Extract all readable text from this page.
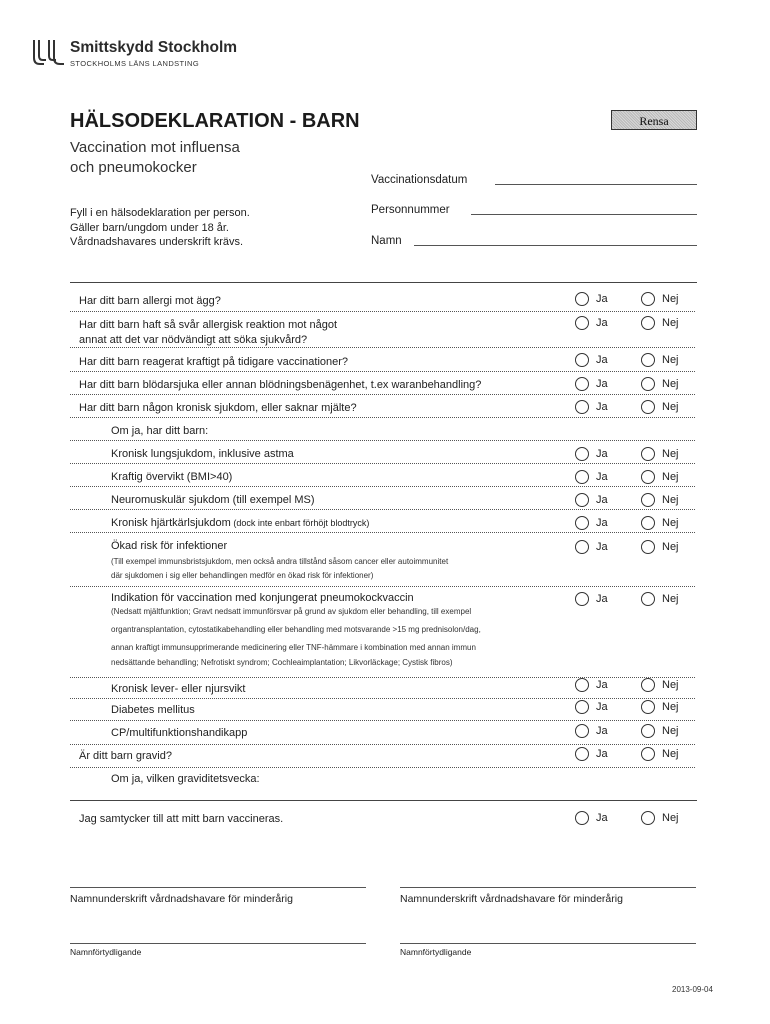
Smittskydd Stockholm
STOCKHOLMS LÄNS LANDSTING
HÄLSODEKLARATION - BARN
Vaccination mot influensa
och pneumokocker
Rensa
Fyll i en hälsodeklaration per person.
Gäller barn/ungdom under 18 år.
Vårdnadshavares underskrift krävs.
Vaccinationsdatum
Personnummer
Namn
Har ditt barn allergi mot ägg?	Ja	Nej
Har ditt barn haft så svår allergisk reaktion mot något	Ja	Nej
annat att det var nödvändigt att söka sjukvård?
Har ditt barn reagerat kraftigt på tidigare vaccinationer?	Ja	Nej
Har ditt barn blödarsjuka eller annan blödningsbenägenhet, t.ex waranbehandling?	Ja	Nej
Har ditt barn någon kronisk sjukdom, eller saknar mjälte?	Ja	Nej
Om ja, har ditt barn:
Kronisk lungsjukdom, inklusive astma	Ja	Nej
Kraftig övervikt (BMI>40)	Ja	Nej
Neuromuskulär sjukdom (till exempel MS)	Ja	Nej
Kronisk hjärtkärlsjukdom (dock inte enbart förhöjt blodtryck)	Ja	Nej
Ökad risk för infektioner	Ja	Nej
(Till exempel immunsbristsjukdom, men också andra tillstånd såsom cancer eller autoimmunitet
där sjukdomen i sig eller behandlingen medför en ökad risk för infektioner)
Indikation för vaccination med konjungerat pneumokockvaccin	Ja	Nej
(Nedsatt mjältfunktion; Gravt nedsatt immunförsvar på grund av sjukdom eller behandling, till exempel
organtransplantation, cytostatikabehandling eller behandling med motsvarande >15 mg prednisolon/dag,
annan kraftigt immunsupprimerande medicinering eller TNF-hämmare i kombination med annan immun
nedsättande behandling; Nefrotiskt syndrom; Cochleaimplantation; Likvorläckage; Cystisk fibros)
Kronisk lever- eller njursvikt	Ja	Nej
Diabetes mellitus	Ja	Nej
CP/multifunktionshandikapp	Ja	Nej
Är ditt barn gravid?	Ja	Nej
Om ja, vilken graviditetsvecka:
Jag samtycker till att mitt barn vaccineras.	Ja	Nej
Namnunderskrift vårdnadshavare för minderårig	Namnunderskrift vårdnadshavare för minderårig
Namnförtydligande	Namnförtydligande
2013-09-04
